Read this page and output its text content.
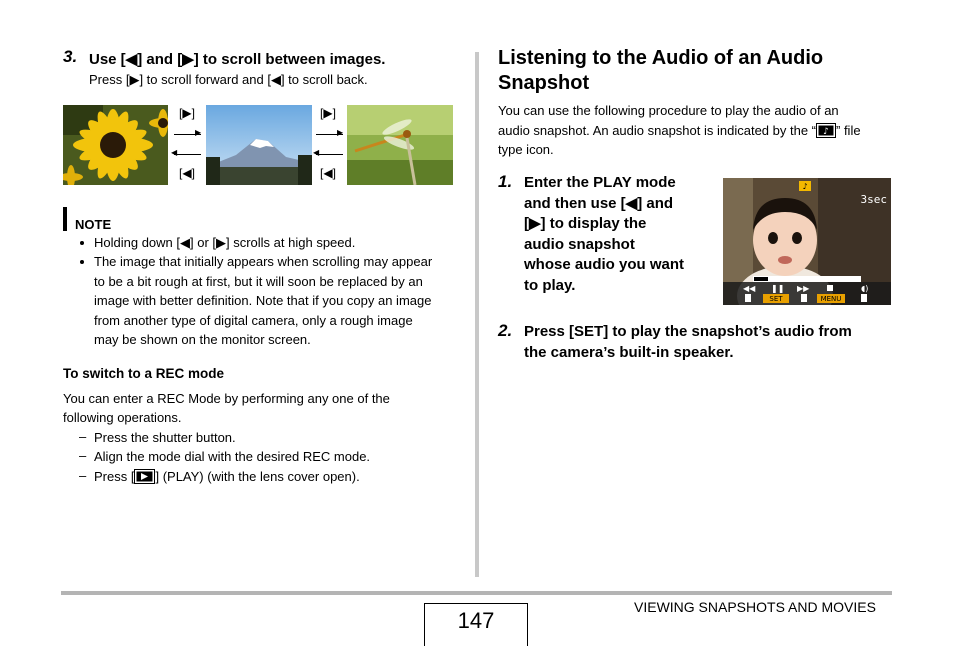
3. Use [◀] and [▶] to scroll between images.
Press [▶] to scroll forward and [◀] to scroll back.
[▶]
▶
◀
[◀]
[▶]
▶
◀
[◀]
NOTE
Holding down [◀] or [▶] scrolls at high speed.
The image that initially appears when scrolling may appear
to be a bit rough at first, but it will soon be replaced by an
image with better definition. Note that if you copy an image
from another type of digital camera, only a rough image
may be shown on the monitor screen.
To switch to a REC mode
You can enter a REC Mode by performing any one of the
following operations.
– Press the shutter button.
– Align the mode dial with the desired REC mode.
– Press [ ] (PLAY) (with the lens cover open).
Listening to the Audio of an Audio
Snapshot
You can use the following procedure to play the audio of an
audio snapshot. An audio snapshot is indicated by the “ ♪ ” file
type icon.
1. Enter the PLAY mode
and then use [◀] and
[▶] to display the
audio snapshot
whose audio you want
to play.
♪
3sec
◀◀ ❚❚ ▶▶	◖)
SET	MENU
2. Press [SET] to play the snapshot’s audio from
the camera’s built-in speaker.
VIEWING SNAPSHOTS AND MOVIES
147
